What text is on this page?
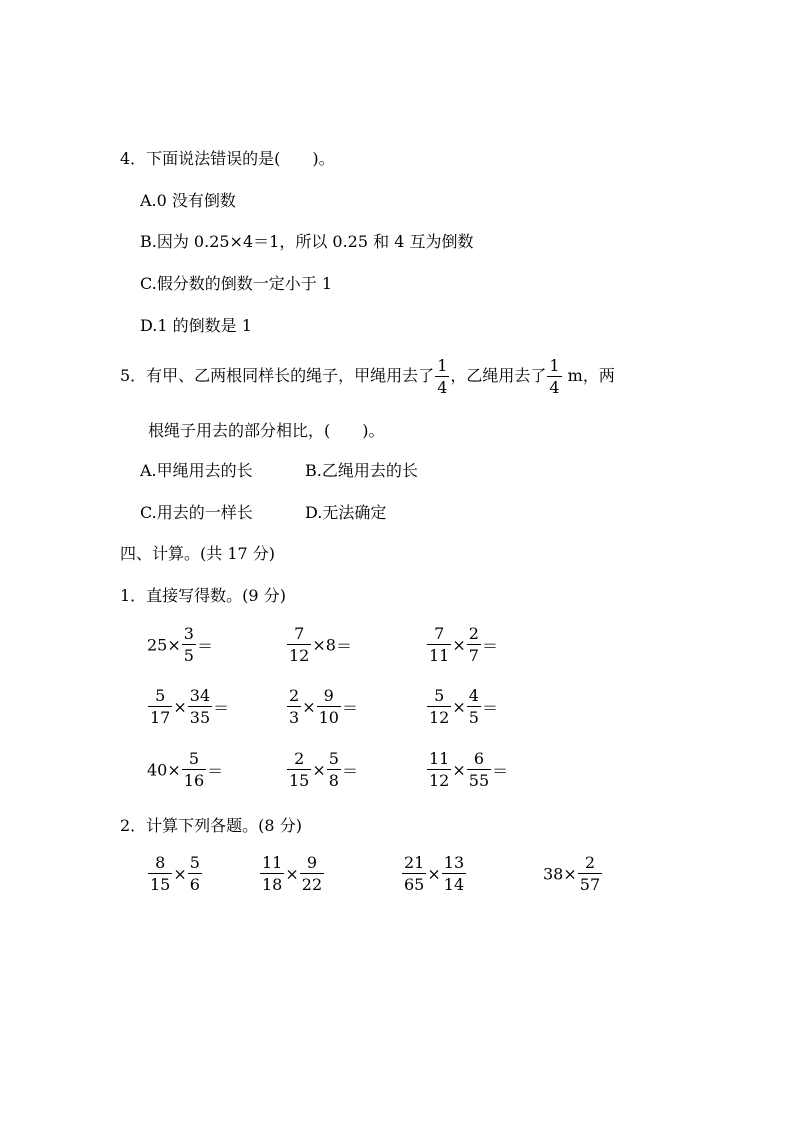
4．下面说法错误的是(　　)。
A.0 没有倒数
B.因为 0.25×4＝1，所以 0.25 和 4 互为倒数
C.假分数的倒数一定小于 1
D.1 的倒数是 1
5．有甲、乙两根同样长的绳子，甲绳用去了 $\frac{1}{4}$ ，乙绳用去了 $\frac{1}{4}$ m，两
根绳子用去的部分相比，(　　)。
A.甲绳用去的长	B.乙绳用去的长
C.用去的一样长	D.无法确定
四、计算。(共 17 分)
1．直接写得数。(9 分)
$25\times \frac{3}{5}$ ＝	$\frac{7}{12} \times 8=$	$\frac{7}{11} \times \frac{2}{7}$ ＝
$\frac{5}{17} \times \frac{34}{35}$ ＝	$\frac{2}{3} \times \frac{9}{10}$ ＝	$\frac{5}{12} \times \frac{4}{5}$ ＝
$40\times \frac{5}{16}$ ＝	$\frac{2}{15} \times \frac{5}{8}$ ＝	$\frac{11}{12} \times \frac{6}{55}$ ＝
2．计算下列各题。(8 分)
$\frac{8}{15} \times \frac{5}{6}$	$\frac{11}{18} \times \frac{9}{22}$	$\frac{21}{65} \times \frac{13}{14}$	$38\times \frac{2}{57}$
